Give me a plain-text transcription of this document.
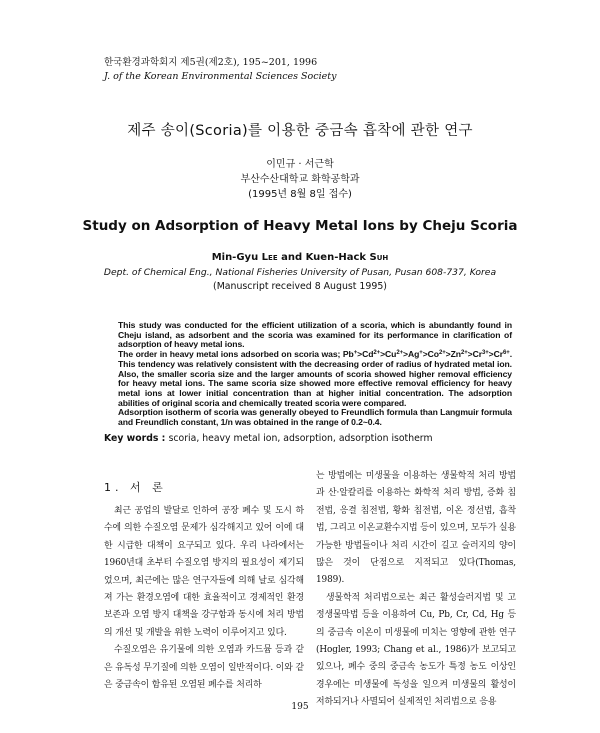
한국환경과학회지 제5권(제2호), 195~201, 1996
J. of the Korean Environmental Sciences Society
제주 송이(Scoria)를 이용한 중금속 흡착에 관한 연구
이민규 · 서근학
부산수산대학교 화학공학과
(1995년 8월 8일 접수)
Study on Adsorption of Heavy Metal Ions by Cheju Scoria
Min-Gyu Lee and Kuen-Hack Suh
Dept. of Chemical Eng., National Fisheries University of Pusan, Pusan 608-737, Korea
(Manuscript received 8 August 1995)

This study was conducted for the efficient utilization of a scoria, which is abundantly found in Cheju island, as adsorbent and the scoria was examined for its performance in clarification of adsorption of heavy metal ions.

The order in heavy metal ions adsorbed on scoria was; $Pb^+>Cd^{2+}>Cu^{2+}>Ag^+>Co^{2+}>Zn^{2+}>Cr^{3+}>Cr^{6+}$. This tendency was relatively consistent with the decreasing order of radius of hydrated metal ion. Also, the smaller scoria size and the larger amounts of scoria showed higher removal efficiency for heavy metal ions. The same scoria size showed more effective removal efficiency for heavy metal ions at lower initial concentration than at higher initial concentration. The adsorption abilities of original scoria and chemically treated scoria were compared.

Adsorption isotherm of scoria was generally obeyed to Freundlich formula than Langmuir formula and Freundlich constant, 1/n was obtained in the range of 0.2~0.4.

Key words : scoria, heavy metal ion, adsorption, adsorption isotherm
1. 서 론

최근 공업의 발달로 인하여 공장 폐수 및 도시 하수에 의한 수질오염 문제가 심각해지고 있어 이에 대한 시급한 대책이 요구되고 있다. 우리 나라에서는 1960년대 초부터 수질오염 방지의 필요성이 제기되었으며, 최근에는 많은 연구자들에 의해 날로 심각해져 가는 환경오염에 대한 효율적이고 경제적인 환경 보존과 오염 방지 대책을 강구함과 동시에 처리 방법의 개선 및 개발을 위한 노력이 이루어지고 있다.

수질오염은 유기물에 의한 오염과 카드뮴 등과 같은 유독성 무기질에 의한 오염이 일반적이다. 이와 같은 중금속이 함유된 오염된 폐수를 처리하

는 방법에는 미생물을 이용하는 생물학적 처리 방법과 산·알칼리를 이용하는 화학적 처리 방법, 증화 침전법, 응결 침전법, 황화 침전법, 이온 정선법, 흡착법, 그리고 이온교환수지법 등이 있으며, 모두가 실용 가능한 방법들이나 처리 시간이 길고 슬러지의 양이 많은 것이 단점으로 지적되고 있다(Thomas, 1989).

생물학적 처리법으로는 최근 활성슬러지법 및 고정생물막법 등을 이용하여 Cu, Pb, Cr, Cd, Hg 등의 중금속 이온이 미생물에 미치는 영향에 관한 연구(Hogler, 1993; Chang et al., 1986)가 보고되고 있으나, 폐수 중의 중금속 농도가 특정 농도 이상인 경우에는 미생물에 독성을 일으켜 미생물의 활성이 저하되거나 사멸되어 실제적인 처리법으로 응용

195
